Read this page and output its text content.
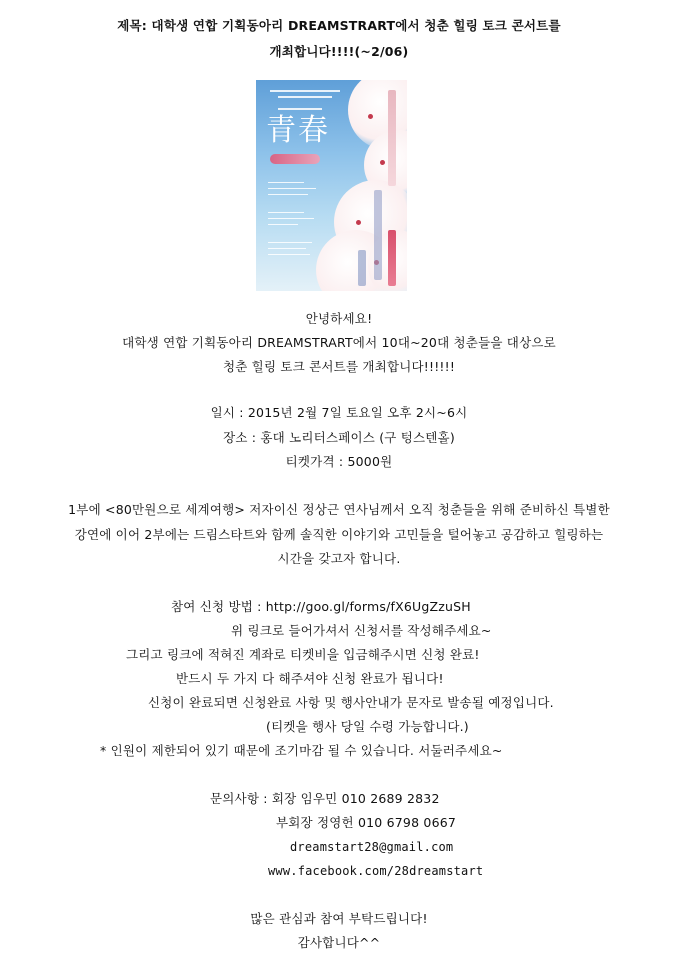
제목: 대학생 연합 기획동아리 DREAMSTRART에서 청춘 힐링 토크 콘서트를
개최합니다!!!!(~2/06)
青春
안녕하세요!
대학생 연합 기획동아리 DREAMSTRART에서 10대~20대 청춘들을 대상으로
청춘 힐링 토크 콘서트를 개최합니다!!!!!!
일시 : 2015년 2월 7일 토요일 오후 2시~6시
장소 : 홍대 노리터스페이스 (구 텅스텐홀)
티켓가격 : 5000원
1부에 <80만원으로 세계여행> 저자이신 정상근 연사님께서 오직 청춘들을 위해 준비하신 특별한
강연에 이어 2부에는 드림스타트와 함께 솔직한 이야기와 고민들을 털어놓고 공감하고 힐링하는
시간을 갖고자 합니다.
참여 신청 방법 : http://goo.gl/forms/fX6UgZzuSH
위 링크로 들어가셔서 신청서를 작성해주세요~
그리고 링크에 적혀진 계좌로 티켓비을 입금해주시면 신청 완료!
반드시 두 가지 다 해주셔야 신청 완료가 됩니다!
신청이 완료되면 신청완료 사항 및 행사안내가 문자로 발송될 예정입니다.
(티켓을 행사 당일 수령 가능합니다.)
* 인원이 제한되어 있기 때문에 조기마감 될 수 있습니다. 서둘러주세요~
문의사항 : 회장 임우민 010 2689 2832
부회장 정영헌 010 6798 0667
dreamstart28@gmail.com
www.facebook.com/28dreamstart
많은 관심과 참여 부탁드립니다!
감사합니다^^
